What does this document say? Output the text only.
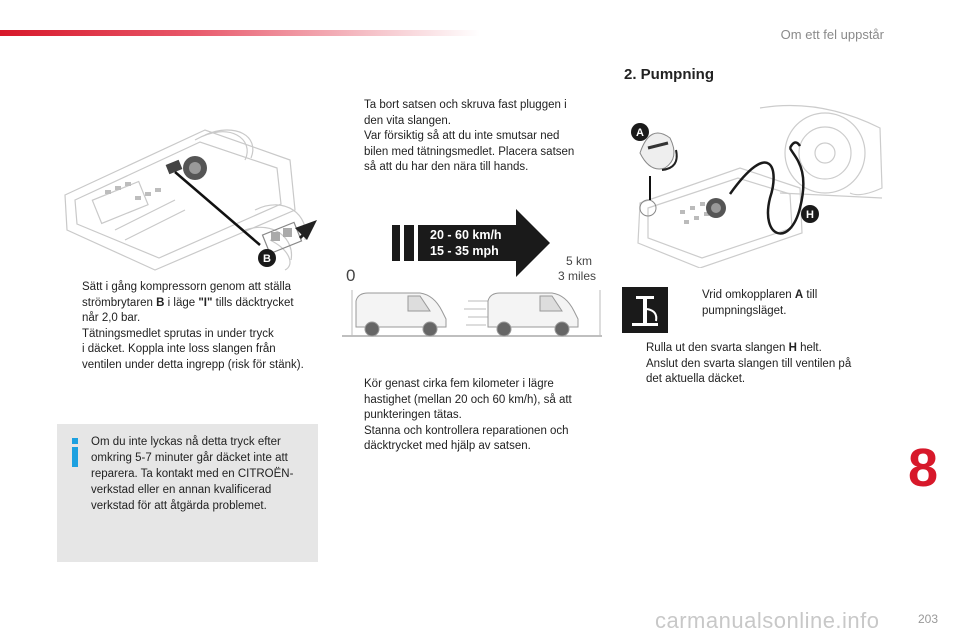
Om ett fel uppstår
B

Sätt i gång kompressorn genom att ställa

strömbrytaren B i läge "I" tills däcktrycket

når 2,0 bar.

Tätningsmedlet sprutas in under tryck

i däcket. Koppla inte loss slangen från

ventilen under detta ingrepp (risk för stänk).

Om du inte lyckas nå detta tryck efter

omkring 5-7 minuter går däcket inte att

reparera. Ta kontakt med en CITROËN-

verkstad eller en annan kvalificerad

verkstad för att åtgärda problemet.

Ta bort satsen och skruva fast pluggen i

den vita slangen.

Var försiktig så att du inte smutsar ned

bilen med tätningsmedlet. Placera satsen

så att du har den nära till hands.

20 - 60 km/h
15 - 35 mph
0
5 km
3 miles

Kör genast cirka fem kilometer i lägre

hastighet (mellan 20 och 60 km/h), så att

punkteringen tätas.

Stanna och kontrollera reparationen och

däcktrycket med hjälp av satsen.

2. Pumpning
A
H

Vrid omkopplaren A till

pumpningsläget.

Rulla ut den svarta slangen H helt.

Anslut den svarta slangen till ventilen på

det aktuella däcket.

8
carmanualsonline.info	203
